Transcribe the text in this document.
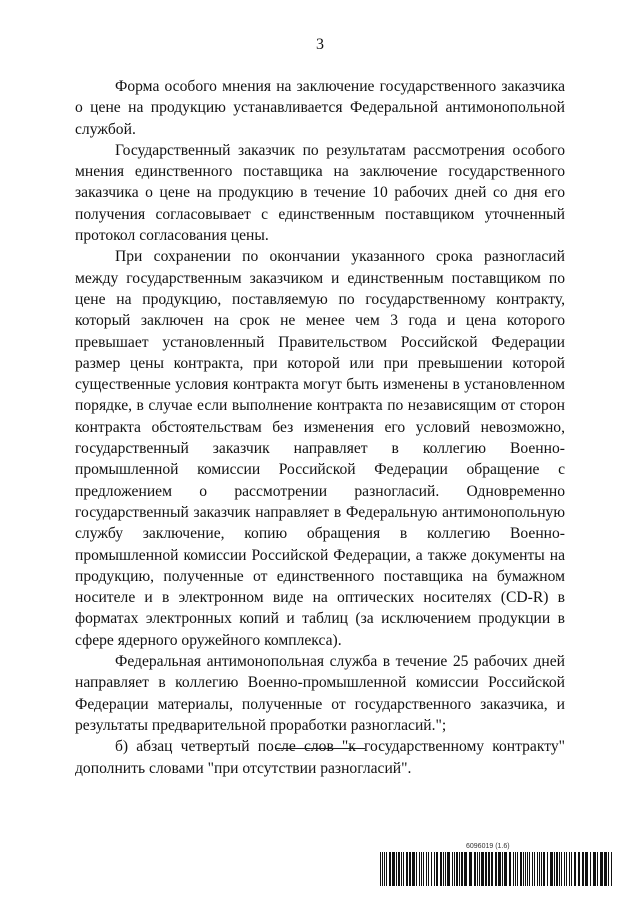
3

Форма особого мнения на заключение государственного заказчика о цене на продукцию устанавливается Федеральной антимонопольной службой.

Государственный заказчик по результатам рассмотрения особого мнения единственного поставщика на заключение государственного заказчика о цене на продукцию в течение 10 рабочих дней со дня его получения согласовывает с единственным поставщиком уточненный протокол согласования цены.

При сохранении по окончании указанного срока разногласий между государственным заказчиком и единственным поставщиком по цене на продукцию, поставляемую по государственному контракту, который заключен на срок не менее чем 3 года и цена которого превышает установленный Правительством Российской Федерации размер цены контракта, при которой или при превышении которой существенные условия контракта могут быть изменены в установленном порядке, в случае если выполнение контракта по независящим от сторон контракта обстоятельствам без изменения его условий невозможно, государственный заказчик направляет в коллегию Военно-промышленной комиссии Российской Федерации обращение с предложением о рассмотрении разногласий. Одновременно государственный заказчик направляет в Федеральную антимонопольную службу заключение, копию обращения в коллегию Военно-промышленной комиссии Российской Федерации, а также документы на продукцию, полученные от единственного поставщика на бумажном носителе и в электронном виде на оптических носителях (CD-R) в форматах электронных копий и таблиц (за исключением продукции в сфере ядерного оружейного комплекса).

Федеральная антимонопольная служба в течение 25 рабочих дней направляет в коллегию Военно-промышленной комиссии Российской Федерации материалы, полученные от государственного заказчика, и результаты предварительной проработки разногласий.";

б) абзац четвертый после слов "к государственному контракту" дополнить словами "при отсутствии разногласий".

6096019 (1.6)
